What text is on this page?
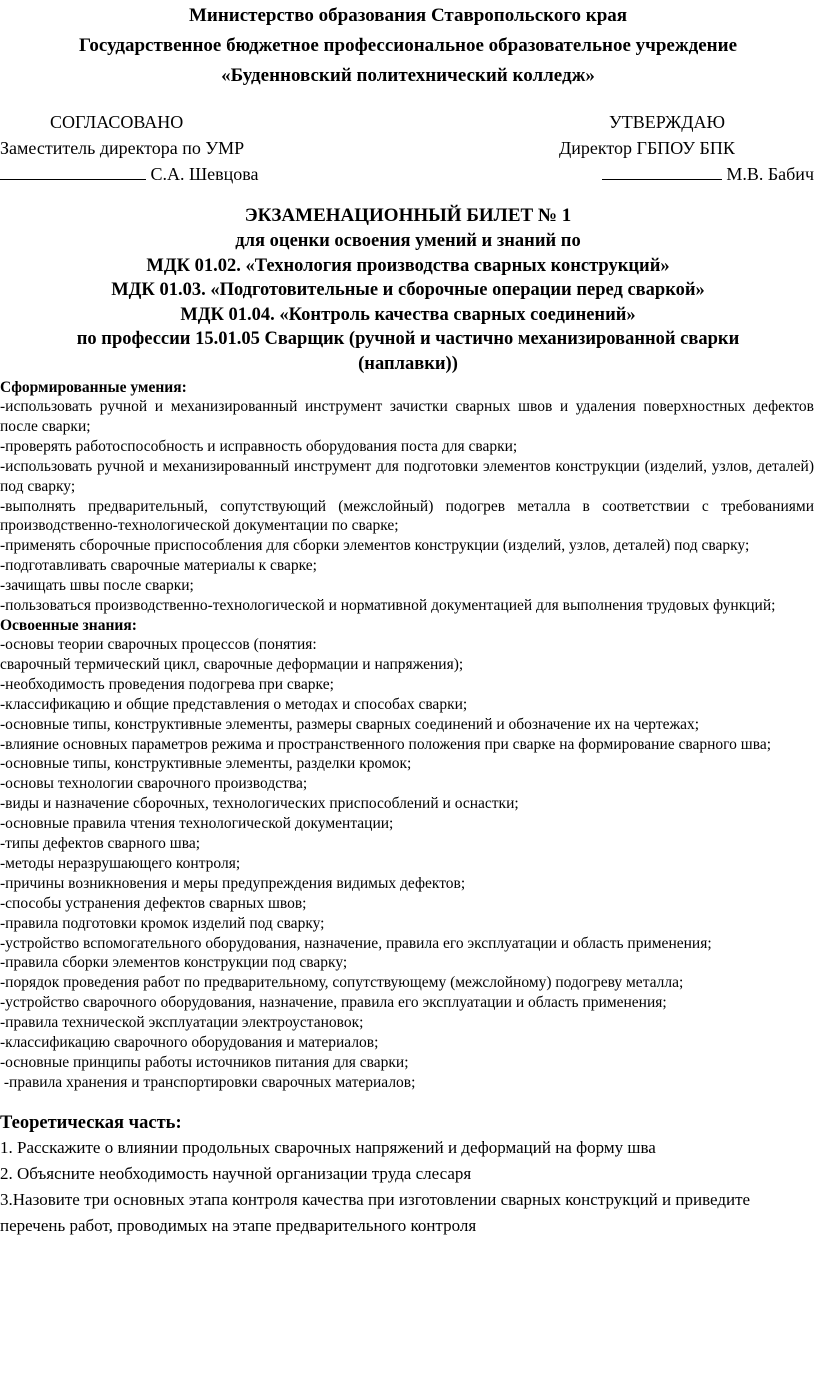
Министерство образования Ставропольского края
Государственное бюджетное профессиональное образовательное учреждение
«Буденновский политехнический колледж»
СОГЛАСОВАНО
Заместитель директора по УМР
С.А. Шевцова
УТВЕРЖДАЮ
Директор ГБПОУ БПК
М.В. Бабич
ЭКЗАМЕНАЦИОННЫЙ БИЛЕТ № 1
для оценки освоения умений и знаний по
МДК 01.02. «Технология производства сварных конструкций»
МДК 01.03. «Подготовительные и сборочные операции перед сваркой»
МДК 01.04. «Контроль качества сварных соединений»
по профессии 15.01.05 Сварщик (ручной и частично механизированной сварки
(наплавки))
Сформированные умения:

-использовать ручной и механизированный инструмент зачистки сварных швов и удаления поверхностных дефектов после сварки;

-проверять работоспособность и исправность оборудования поста для сварки;

-использовать ручной и механизированный инструмент для подготовки элементов конструкции (изделий, узлов, деталей) под сварку;

-выполнять предварительный, сопутствующий (межслойный) подогрев металла в соответствии с требованиями производственно-технологической документации по сварке;

-применять сборочные приспособления для сборки элементов конструкции (изделий, узлов, деталей) под сварку;

-подготавливать сварочные материалы к сварке;

-зачищать швы после сварки;

-пользоваться производственно-технологической и нормативной документацией для выполнения трудовых функций;

Освоенные знания:

-основы теории сварочных процессов (понятия:

сварочный термический цикл, сварочные деформации и напряжения);

-необходимость проведения подогрева при сварке;

-классификацию и общие представления о методах и способах сварки;

-основные типы, конструктивные элементы, размеры сварных соединений и обозначение их на чертежах;

-влияние основных параметров режима и пространственного положения при сварке на формирование сварного шва;

-основные типы, конструктивные элементы, разделки кромок;

-основы технологии сварочного производства;

-виды и назначение сборочных, технологических приспособлений и оснастки;

-основные правила чтения технологической документации;

-типы дефектов сварного шва;

-методы неразрушающего контроля;

-причины возникновения и меры предупреждения видимых дефектов;

-способы устранения дефектов сварных швов;

-правила подготовки кромок изделий под сварку;

-устройство вспомогательного оборудования, назначение, правила его эксплуатации и область применения;

-правила сборки элементов конструкции под сварку;

-порядок проведения работ по предварительному, сопутствующему (межслойному) подогреву металла;

-устройство сварочного оборудования, назначение, правила его эксплуатации и область применения;

-правила технической эксплуатации электроустановок;

-классификацию сварочного оборудования и материалов;

-основные принципы работы источников питания для сварки;

-правила хранения и транспортировки сварочных материалов;

Теоретическая часть:

1. Расскажите о влиянии продольных сварочных напряжений и деформаций на форму шва

2. Объясните необходимость научной организации труда слесаря

3.Назовите три основных этапа контроля качества при изготовлении сварных конструкций и приведите перечень работ, проводимых на этапе предварительного контроля
